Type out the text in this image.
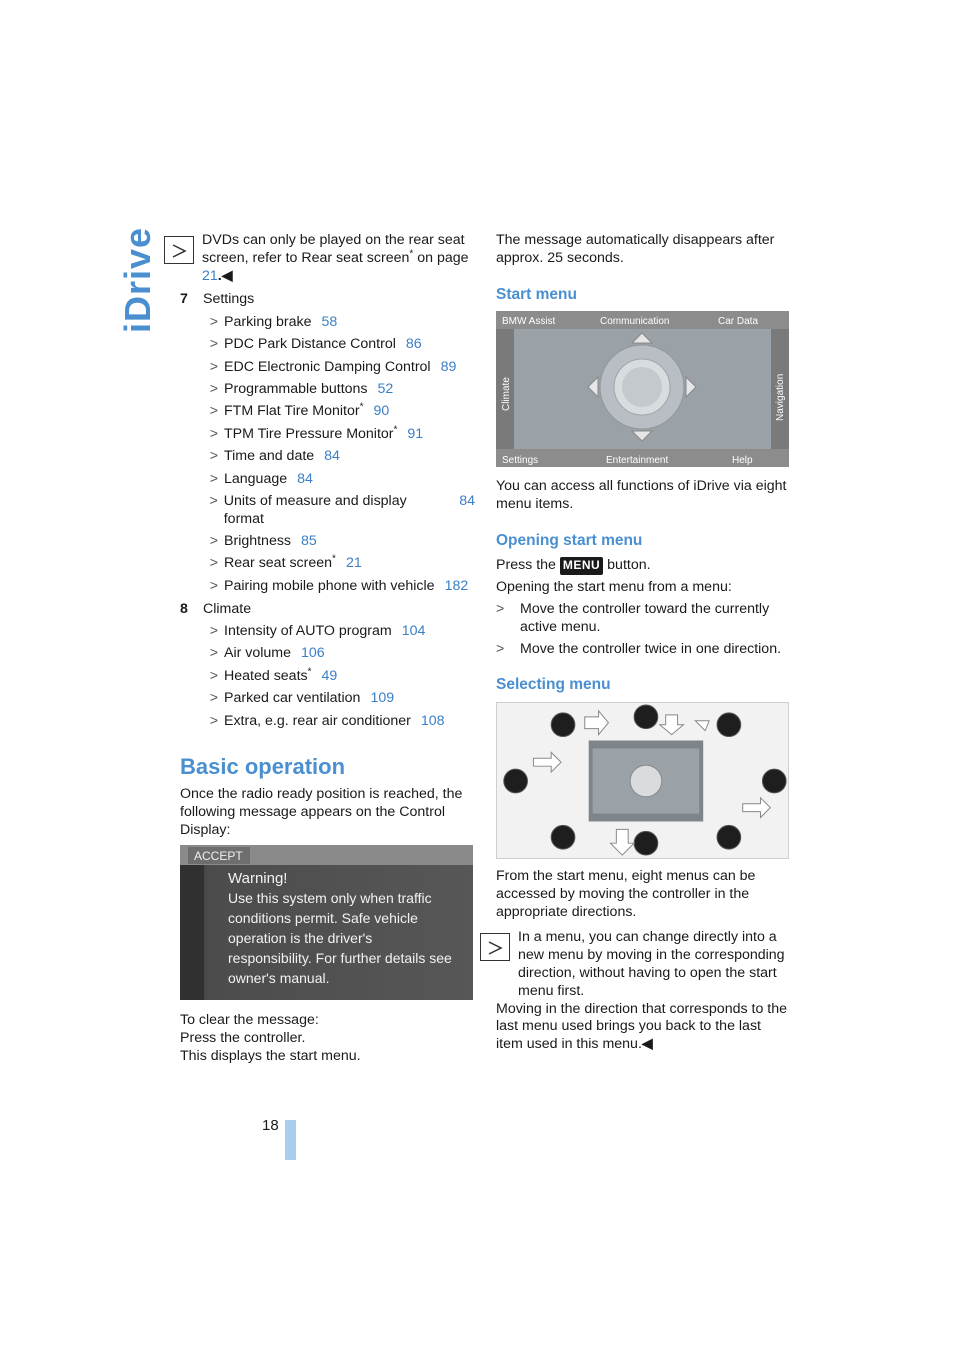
iDrive	DVDs can only be played on the rear seat screen, refer to Rear seat screen* on page 21.◀

7 Settings

> Parking brake 58
> PDC Park Distance Control 86
> EDC Electronic Damping Control 89
> Programmable buttons 52
> FTM Flat Tire Monitor* 90
> TPM Tire Pressure Monitor* 91
> Time and date 84
> Language 84
> Units of measure and display format
84
> Brightness 85
> Rear seat screen* 21
> Pairing mobile phone with vehicle 182

8 Climate

> Intensity of AUTO program 104
> Air volume 106
> Heated seats* 49
> Parked car ventilation 109
> Extra, e.g. rear air conditioner 108
Basic operation

Once the radio ready position is reached, the following message appears on the Control Display:

To clear the message:

Press the controller.

This displays the start menu.

ACCEPT
Warning!
Use this system only when traffic
conditions permit. Safe vehicle
operation is the driver's
responsibility. For further details see
owner's manual.

The message automatically disappears after approx. 25 seconds.

Start menu
BMW Assist	Communication	Car Data
Settings	Entertainment	Help
Climate	Navigation

You can access all functions of iDrive via eight menu items.

Opening start menu

Press the MENU button.

Opening the start menu from a menu:

>	Move the controller toward the currently active menu.
>	Move the controller twice in one direction.
Selecting menu

From the start menu, eight menus can be accessed by moving the controller in the appropriate directions.

In a menu, you can change directly into a new menu by moving in the corresponding direction, without having to open the start menu first.

Moving in the direction that corresponds to the last menu used brings you back to the last item used in this menu.◀

18
